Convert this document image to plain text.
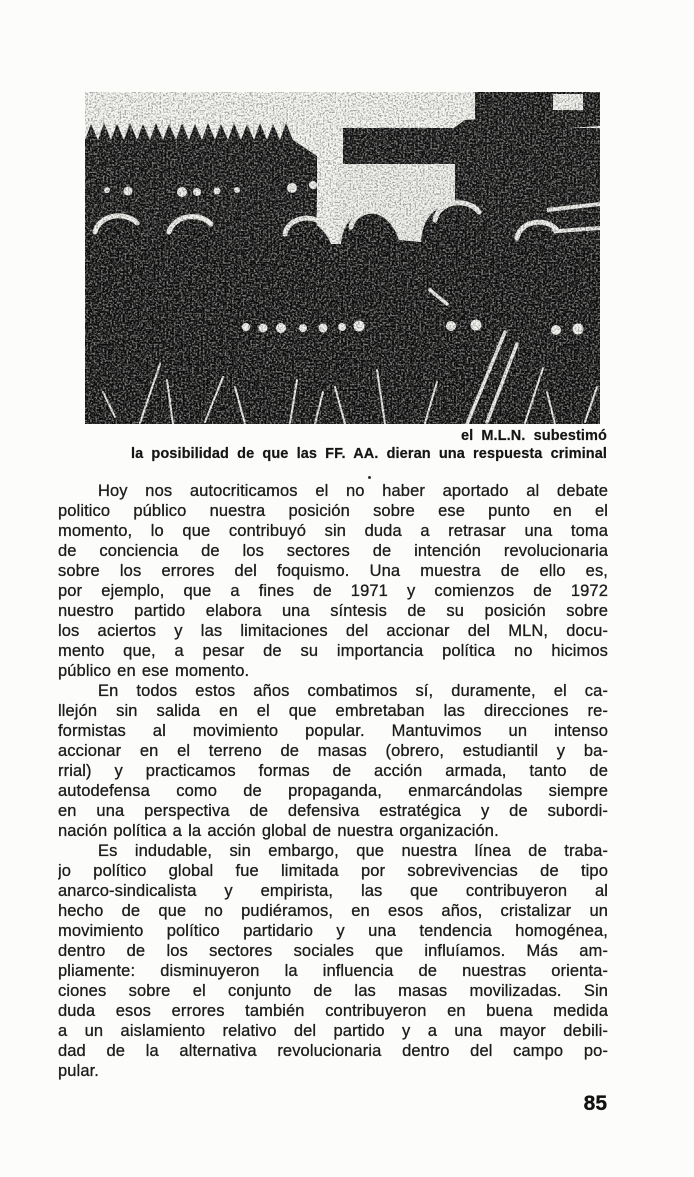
el M.L.N. subestimó
la posibilidad de que las FF. AA. dieran una respuesta criminal

Hoy nos autocriticamos el no haber aportado al debate
politico público nuestra posición sobre ese punto en el
momento, lo que contribuyó sin duda a retrasar una toma
de conciencia de los sectores de intención revolucionaria
sobre los errores del foquismo. Una muestra de ello es,
por ejemplo, que a fines de 1971 y comienzos de 1972
nuestro partido elabora una síntesis de su posición sobre
los aciertos y las limitaciones del accionar del MLN, docu-
mento que, a pesar de su importancia política no hicimos
público en ese momento.

En todos estos años combatimos sí, duramente, el ca-
llejón sin salida en el que embretaban las direcciones re-
formistas al movimiento popular. Mantuvimos un intenso
accionar en el terreno de masas (obrero, estudiantil y ba-
rrial) y practicamos formas de acción armada, tanto de
autodefensa como de propaganda, enmarcándolas siempre
en una perspectiva de defensiva estratégica y de subordi-
nación política a la acción global de nuestra organización.

Es indudable, sin embargo, que nuestra línea de traba-
jo político global fue limitada por sobrevivencias de tipo
anarco-sindicalista y empirista, las que contribuyeron al
hecho de que no pudiéramos, en esos años, cristalizar un
movimiento político partidario y una tendencia homogénea,
dentro de los sectores sociales que influíamos. Más am-
pliamente: disminuyeron la influencia de nuestras orienta-
ciones sobre el conjunto de las masas movilizadas. Sin
duda esos errores también contribuyeron en buena medida
a un aislamiento relativo del partido y a una mayor debili-
dad de la alternativa revolucionaria dentro del campo po-
pular.

85
